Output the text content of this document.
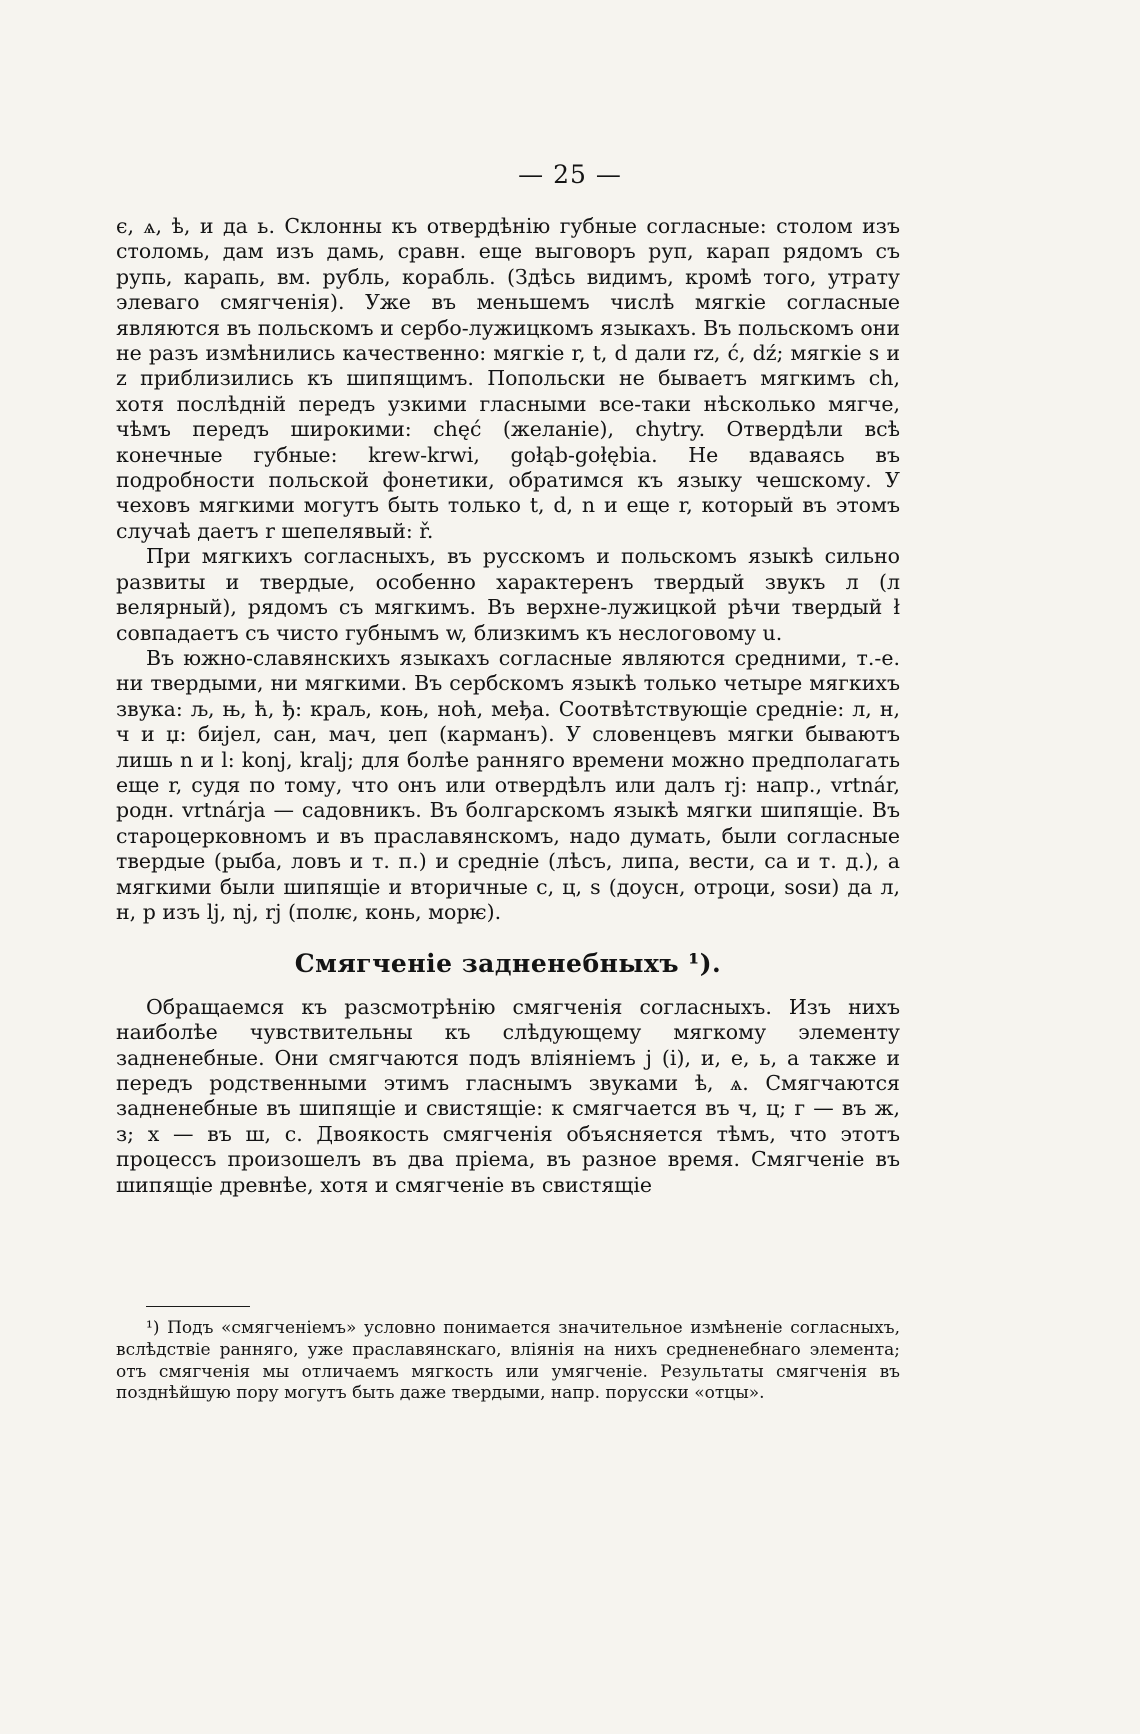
— 25 —

є, ѧ, ѣ, и да ь. Склонны къ отвердѣнію губные согласные: столом изъ столомь, дам изъ дамь, сравн. еще выговоръ руп, карап рядомъ съ рупь, карапь, вм. рубль, корабль. (Здѣсь видимъ, кромѣ того, утрату элеваго смягченія). Уже въ меньшемъ числѣ мягкіе согласные являются въ польскомъ и сербо-лужицкомъ языкахъ. Въ польскомъ они не разъ измѣнились качественно: мягкіе r, t, d дали rz, ć, dź; мягкіе s и z приблизились къ шипящимъ. Попольски не бываетъ мягкимъ ch, хотя послѣдній передъ узкими гласными все-таки нѣсколько мягче, чѣмъ передъ широкими: chęć (желаніе), chytry. Отвердѣли всѣ конечные губные: krew-krwi, gołąb-gołębia. Не вдаваясь въ подробности польской фонетики, обратимся къ языку чешскому. У чеховъ мягкими могутъ быть только t, d, n и еще r, который въ этомъ случаѣ даетъ r шепелявый: ř.

При мягкихъ согласныхъ, въ русскомъ и польскомъ языкѣ сильно развиты и твердые, особенно характеренъ твердый звукъ л (л велярный), рядомъ съ мягкимъ. Въ верхне-лужицкой рѣчи твердый ł совпадаетъ съ чисто губнымъ w, близкимъ къ неслоговому u.

Въ южно-славянскихъ языкахъ согласные являются средними, т.-е. ни твердыми, ни мягкими. Въ сербскомъ языкѣ только четыре мягкихъ звука: љ, њ, ћ, ђ: краљ, коњ, ноћ, међа. Соотвѣтствующіе средніе: л, н, ч и џ: бијел, сан, мач, џеп (карманъ). У словенцевъ мягки бываютъ лишь n и l: konj, kralj; для болѣе ранняго времени можно предполагать еще r, судя по тому, что онъ или отвердѣлъ или далъ rj: напр., vrtnár, родн. vrtnárja — садовникъ. Въ болгарскомъ языкѣ мягки шипящіе. Въ староцерковномъ и въ праславянскомъ, надо думать, были согласные твердые (рыба, ловъ и т. п.) и средніе (лѣсъ, липа, вести, са и т. д.), а мягкими были шипящіе и вторичные с, ц, ѕ (доусн, отроци, ѕоѕи) да л, н, р изъ lj, nj, rj (полѥ, конь, морѥ).

Смягченіе задненебныхъ ¹).

Обращаемся къ разсмотрѣнію смягченія согласныхъ. Изъ нихъ наиболѣе чувствительны къ слѣдующему мягкому элементу задненебные. Они смягчаются подъ вліяніемъ j (і), и, е, ь, а также и передъ родственными этимъ гласнымъ звуками ѣ, ѧ. Смягчаются задненебные въ шипящіе и свистящіе: к смягчается въ ч, ц; г — въ ж, з; х — въ ш, с. Двоякость смягченія объясняется тѣмъ, что этотъ процессъ произошелъ въ два пріема, въ разное время. Смягченіе въ шипящіе древнѣе, хотя и смягченіе въ свистящіе

¹) Подъ «смягченіемъ» условно понимается значительное измѣненіе согласныхъ, вслѣдствіе ранняго, уже праславянскаго, вліянія на нихъ средненебнаго элемента; отъ смягченія мы отличаемъ мягкость или умягченіе. Результаты смягченія въ позднѣйшую пору могутъ быть даже твердыми, напр. порусски «отцы».
